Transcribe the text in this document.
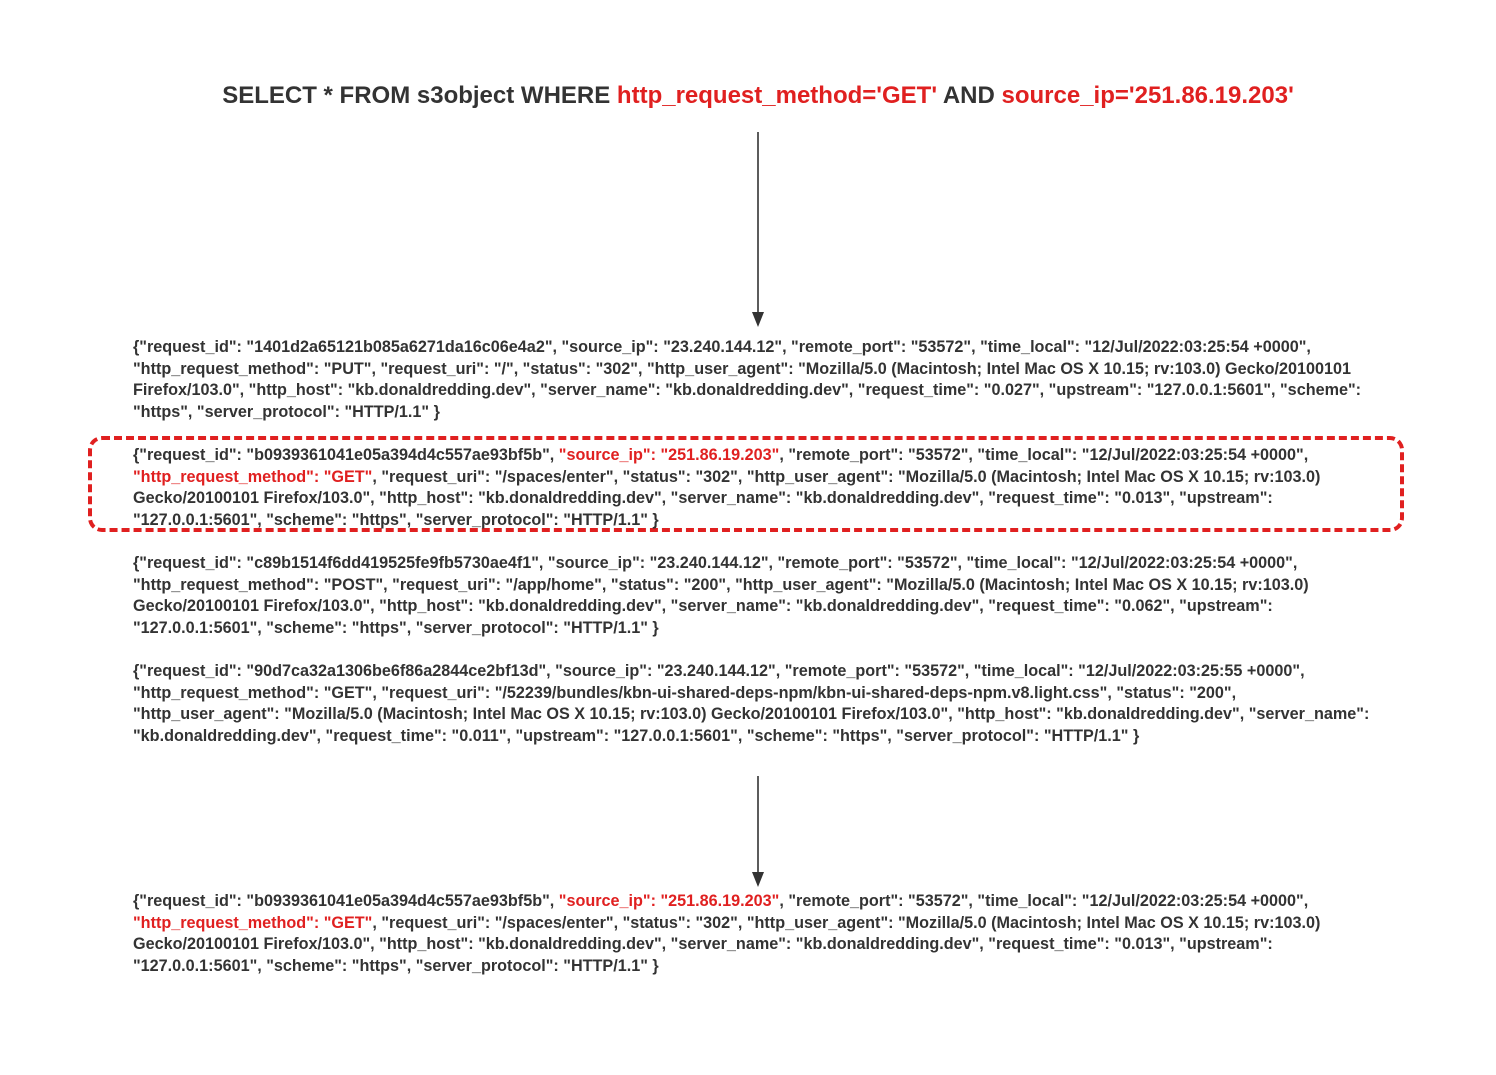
SELECT * FROM s3object WHERE http_request_method='GET' AND source_ip='251.86.19.203'
{"request_id": "1401d2a65121b085a6271da16c06e4a2", "source_ip": "23.240.144.12", "remote_port": "53572", "time_local": "12/Jul/2022:03:25:54 +0000", "http_request_method": "PUT", "request_uri": "/", "status": "302", "http_user_agent": "Mozilla/5.0 (Macintosh; Intel Mac OS X 10.15; rv:103.0) Gecko/20100101 Firefox/103.0", "http_host": "kb.donaldredding.dev", "server_name": "kb.donaldredding.dev", "request_time": "0.027", "upstream": "127.0.0.1:5601", "scheme": "https", "server_protocol": "HTTP/1.1" }
{"request_id": "b0939361041e05a394d4c557ae93bf5b", "source_ip": "251.86.19.203", "remote_port": "53572", "time_local": "12/Jul/2022:03:25:54 +0000", "http_request_method": "GET", "request_uri": "/spaces/enter", "status": "302", "http_user_agent": "Mozilla/5.0 (Macintosh; Intel Mac OS X 10.15; rv:103.0) Gecko/20100101 Firefox/103.0", "http_host": "kb.donaldredding.dev", "server_name": "kb.donaldredding.dev", "request_time": "0.013", "upstream": "127.0.0.1:5601", "scheme": "https", "server_protocol": "HTTP/1.1" }
{"request_id": "c89b1514f6dd419525fe9fb5730ae4f1", "source_ip": "23.240.144.12", "remote_port": "53572", "time_local": "12/Jul/2022:03:25:54 +0000", "http_request_method": "POST", "request_uri": "/app/home", "status": "200", "http_user_agent": "Mozilla/5.0 (Macintosh; Intel Mac OS X 10.15; rv:103.0) Gecko/20100101 Firefox/103.0", "http_host": "kb.donaldredding.dev", "server_name": "kb.donaldredding.dev", "request_time": "0.062", "upstream": "127.0.0.1:5601", "scheme": "https", "server_protocol": "HTTP/1.1" }
{"request_id": "90d7ca32a1306be6f86a2844ce2bf13d", "source_ip": "23.240.144.12", "remote_port": "53572", "time_local": "12/Jul/2022:03:25:55 +0000", "http_request_method": "GET", "request_uri": "/52239/bundles/kbn-ui-shared-deps-npm/kbn-ui-shared-deps-npm.v8.light.css", "status": "200", "http_user_agent": "Mozilla/5.0 (Macintosh; Intel Mac OS X 10.15; rv:103.0) Gecko/20100101 Firefox/103.0", "http_host": "kb.donaldredding.dev", "server_name": "kb.donaldredding.dev", "request_time": "0.011", "upstream": "127.0.0.1:5601", "scheme": "https", "server_protocol": "HTTP/1.1" }
{"request_id": "b0939361041e05a394d4c557ae93bf5b", "source_ip": "251.86.19.203", "remote_port": "53572", "time_local": "12/Jul/2022:03:25:54 +0000", "http_request_method": "GET", "request_uri": "/spaces/enter", "status": "302", "http_user_agent": "Mozilla/5.0 (Macintosh; Intel Mac OS X 10.15; rv:103.0) Gecko/20100101 Firefox/103.0", "http_host": "kb.donaldredding.dev", "server_name": "kb.donaldredding.dev", "request_time": "0.013", "upstream": "127.0.0.1:5601", "scheme": "https", "server_protocol": "HTTP/1.1" }
